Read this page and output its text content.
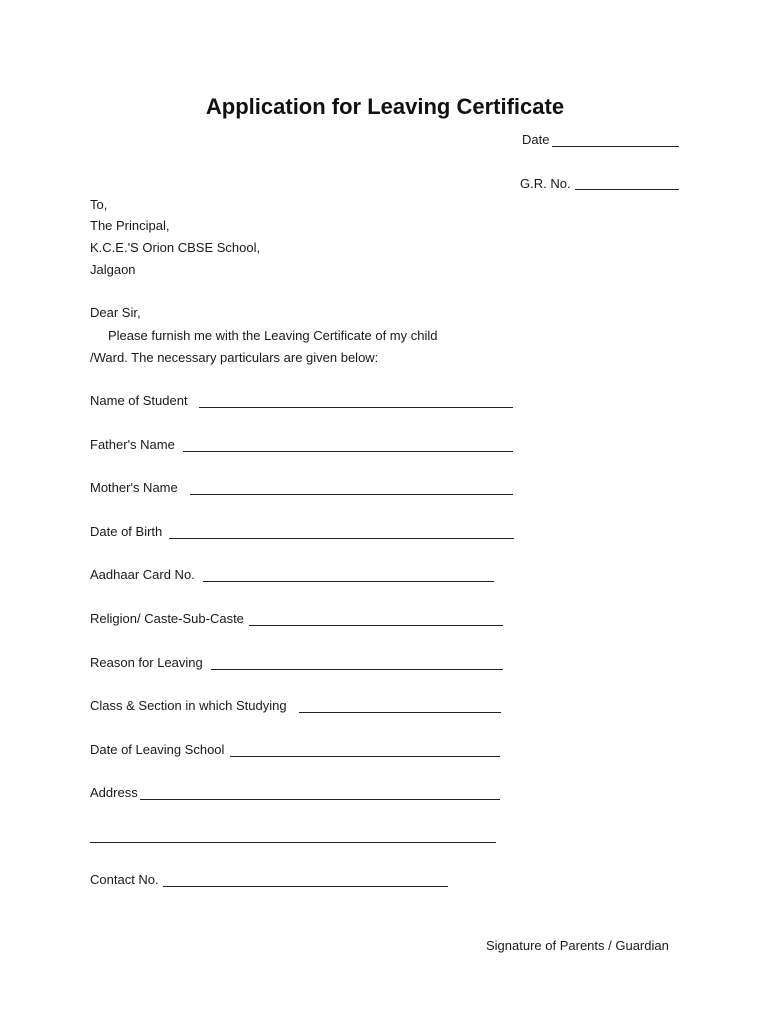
Application for Leaving Certificate
Date
G.R. No.
To,
The Principal,
K.C.E.'S Orion CBSE School,
Jalgaon
Dear Sir,
Please furnish me with the Leaving Certificate of my child
/Ward. The necessary particulars are given below:
Name of Student
Father's Name
Mother's Name
Date of Birth
Aadhaar Card No.
Religion/ Caste-Sub-Caste
Reason for Leaving
Class & Section in which Studying
Date of Leaving School
Address
Contact No.
Signature of Parents / Guardian
